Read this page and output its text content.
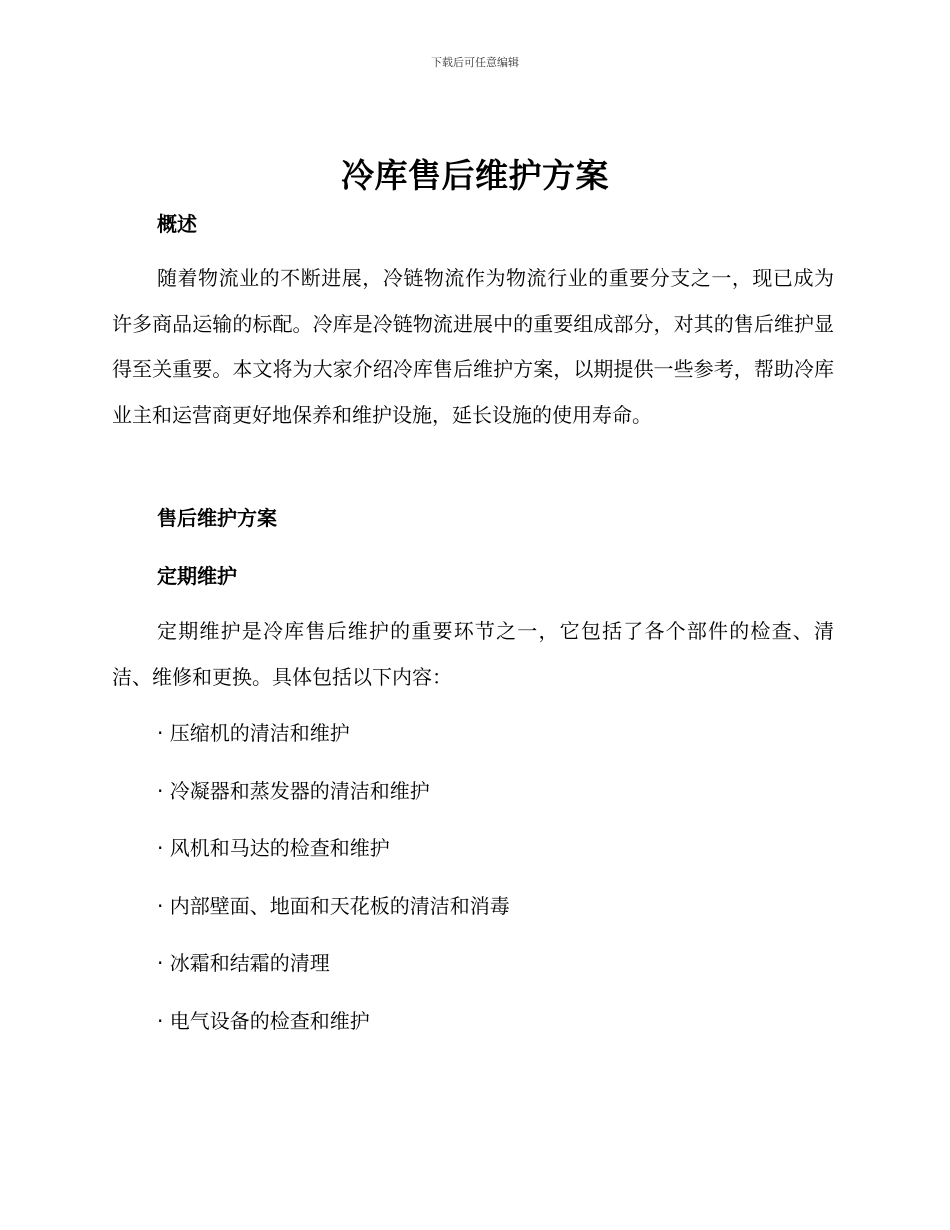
下载后可任意编辑
冷库售后维护方案
概述

随着物流业的不断进展，冷链物流作为物流行业的重要分支之一，现已成为许多商品运输的标配。冷库是冷链物流进展中的重要组成部分，对其的售后维护显得至关重要。本文将为大家介绍冷库售后维护方案，以期提供一些参考，帮助冷库业主和运营商更好地保养和维护设施，延长设施的使用寿命。

售后维护方案
定期维护

定期维护是冷库售后维护的重要环节之一，它包括了各个部件的检查、清洁、维修和更换。具体包括以下内容：

· 压缩机的清洁和维护
· 冷凝器和蒸发器的清洁和维护
· 风机和马达的检查和维护
· 内部壁面、地面和天花板的清洁和消毒
· 冰霜和结霜的清理
· 电气设备的检查和维护
